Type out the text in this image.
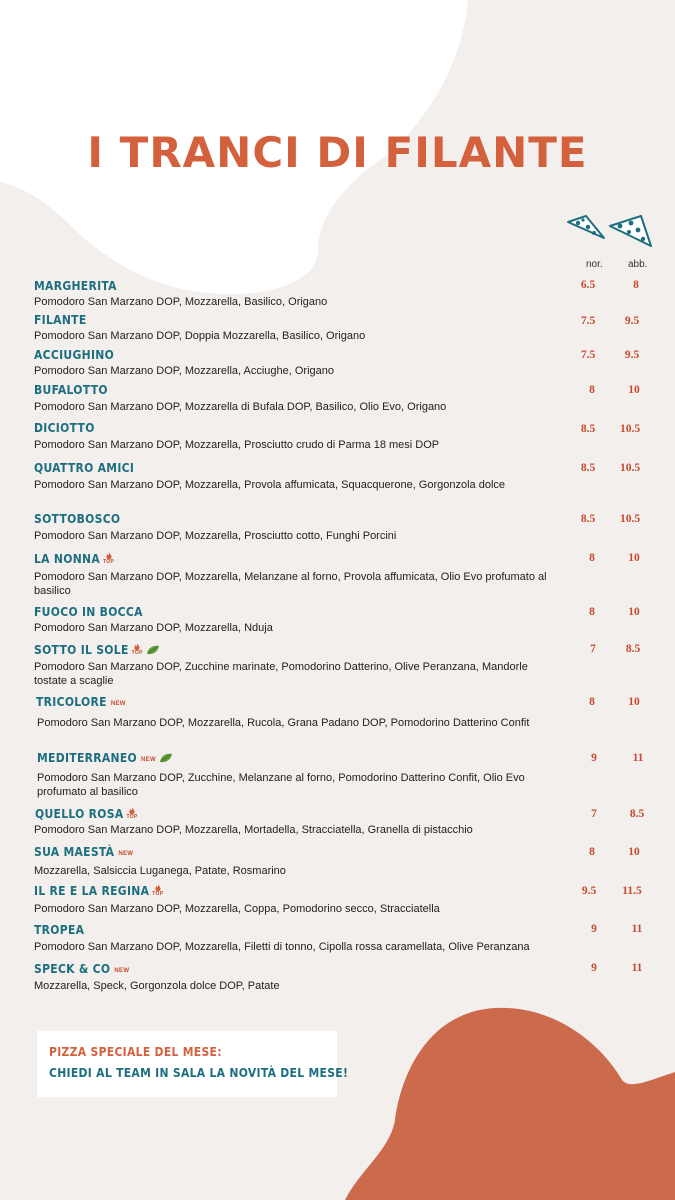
I TRANCI DI FILANTE
nor.	abb.
MARGHERITA
Pomodoro San Marzano DOP, Mozzarella, Basilico, Origano
6.5	8
FILANTE
Pomodoro San Marzano DOP, Doppia Mozzarella, Basilico, Origano
7.5	9.5
ACCIUGHINO
Pomodoro San Marzano DOP, Mozzarella, Acciughe, Origano
7.5	9.5
BUFALOTTO
Pomodoro San Marzano DOP, Mozzarella di Bufala DOP, Basilico, Olio Evo, Origano
8	10
DICIOTTO
Pomodoro San Marzano DOP, Mozzarella, Prosciutto crudo di Parma 18 mesi DOP
8.5	10.5
QUATTRO AMICI
Pomodoro San Marzano DOP, Mozzarella, Provola affumicata, Squacquerone, Gorgonzola dolce
8.5	10.5
SOTTOBOSCO
Pomodoro San Marzano DOP, Mozzarella, Prosciutto cotto, Funghi Porcini
8.5	10.5
LA NONNA TOP
Pomodoro San Marzano DOP, Mozzarella, Melanzane al forno, Provola affumicata, Olio Evo profumato al basilico
8	10
FUOCO IN BOCCA
Pomodoro San Marzano DOP, Mozzarella, Nduja
8	10
SOTTO IL SOLE TOP
Pomodoro San Marzano DOP, Zucchine marinate, Pomodorino Datterino, Olive Peranzana, Mandorle tostate a scaglie
7	8.5
TRICOLORE NEW
Pomodoro San Marzano DOP, Mozzarella, Rucola, Grana Padano DOP, Pomodorino Datterino Confit
8	10
MEDITERRANEO NEW
Pomodoro San Marzano DOP, Zucchine, Melanzane al forno, Pomodorino Datterino Confit, Olio Evo profumato al basilico
9	11
QUELLO ROSA TOP
Pomodoro San Marzano DOP, Mozzarella, Mortadella, Stracciatella, Granella di pistacchio
7	8.5
SUA MAESTÀ NEW
Mozzarella, Salsiccia Luganega, Patate, Rosmarino
8	10
IL RE E LA REGINA TOP
Pomodoro San Marzano DOP, Mozzarella, Coppa, Pomodorino secco, Stracciatella
9.5	11.5
TROPEA
Pomodoro San Marzano DOP, Mozzarella, Filetti di tonno, Cipolla rossa caramellata, Olive Peranzana
9	11
SPECK & CO NEW
Mozzarella, Speck, Gorgonzola dolce DOP, Patate
9	11
PIZZA SPECIALE DEL MESE:
CHIEDI AL TEAM IN SALA LA NOVITÀ DEL MESE!
